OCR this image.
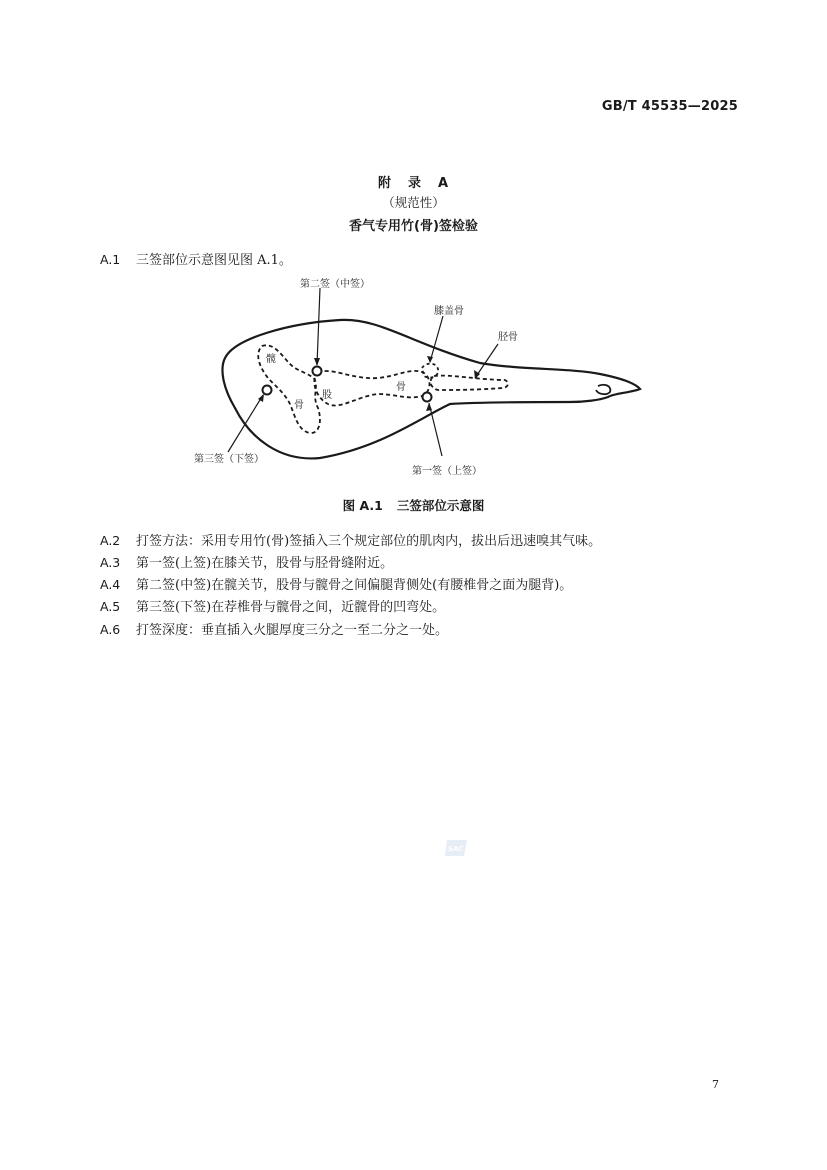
GB/T 45535—2025
附 录 A
（规范性）
香气专用竹(骨)签检验
A.1 三签部位示意图见图 A.1。
第二签（中签）
膝盖骨
胫骨
髋
骨
股
骨
第三签（下签）
第一签（上签）
图 A.1 三签部位示意图
A.2 打签方法：采用专用竹(骨)签插入三个规定部位的肌肉内，拔出后迅速嗅其气味。
A.3 第一签(上签)在膝关节，股骨与胫骨缝附近。
A.4 第二签(中签)在髋关节，股骨与髋骨之间偏腿背侧处(有腰椎骨之面为腿背)。
A.5 第三签(下签)在荐椎骨与髋骨之间，近髋骨的凹弯处。
A.6 打签深度：垂直插入火腿厚度三分之一至二分之一处。
SAC
7
